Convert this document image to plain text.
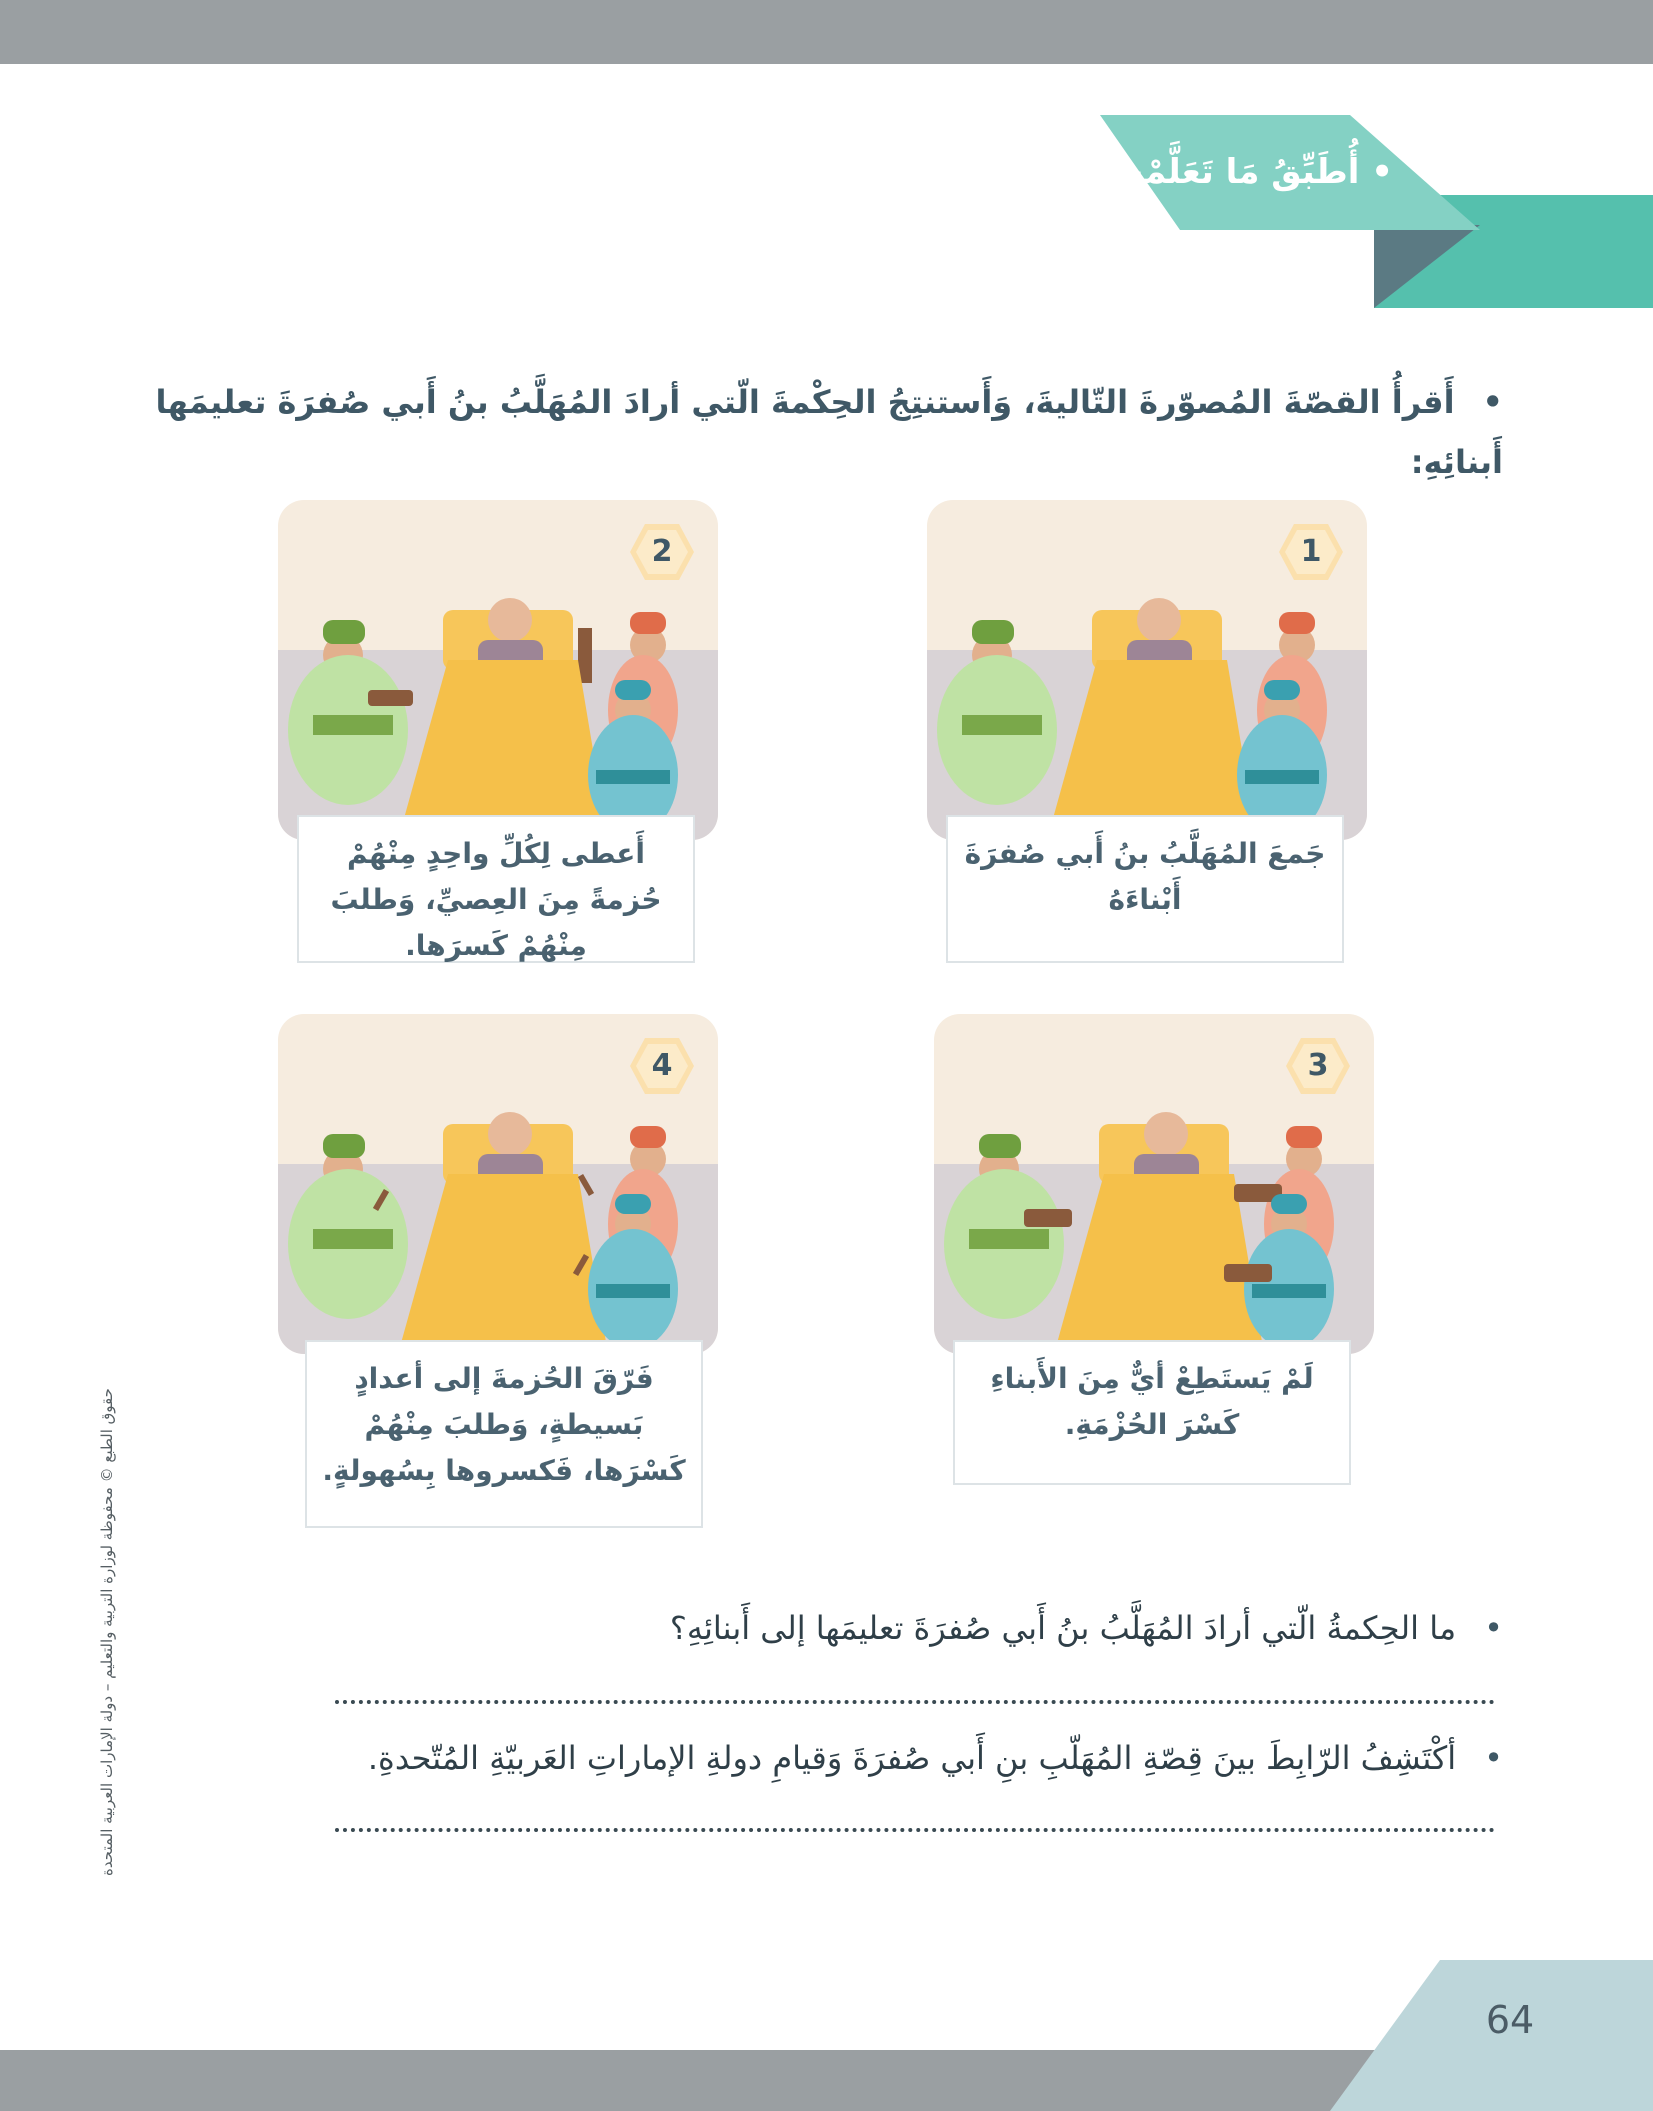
• أُطَبِّقُ مَا تَعَلَّمْتُ
•أَقرأُ القصّةَ المُصوّرةَ التّاليةَ، وَأَستنتِجُ الحِكْمةَ الّتي أرادَ المُهَلَّبُ بنُ أَبي صُفرَةَ تعليمَها أَبنائِهِ:
1
جَمعَ المُهَلَّبُ بنُ أَبي صُفرَةَ أَبْناءَهُ
2
أَعطى لِكُلِّ واحِدٍ مِنْهُمْ حُزمةً مِنَ العِصيِّ، وَطلبَ مِنْهُمْ كَسرَها.
3
لَمْ يَستَطِعْ أيٌّ مِنَ الأَبناءِ كَسْرَ الحُزْمَةِ.
4
فَرّقَ الحُزمةَ إلى أعدادٍ بَسيطةٍ، وَطلبَ مِنْهُمْ كَسْرَها، فَكسروها بِسُهولةٍ.
•ما الحِكمةُ الّتي أرادَ المُهَلَّبُ بنُ أَبي صُفرَةَ تعليمَها إلى أَبنائِهِ؟
•أكْتَشِفُ الرّابِطَ بينَ قِصّةِ المُهَلّبِ بنِ أَبي صُفرَةَ وَقيامِ دولةِ الإماراتِ العَربيّةِ المُتّحدةِ.
حقوق الطبع © محفوظة لوزارة التربية والتعليم – دولة الإمارات العربية المتحدة
64
